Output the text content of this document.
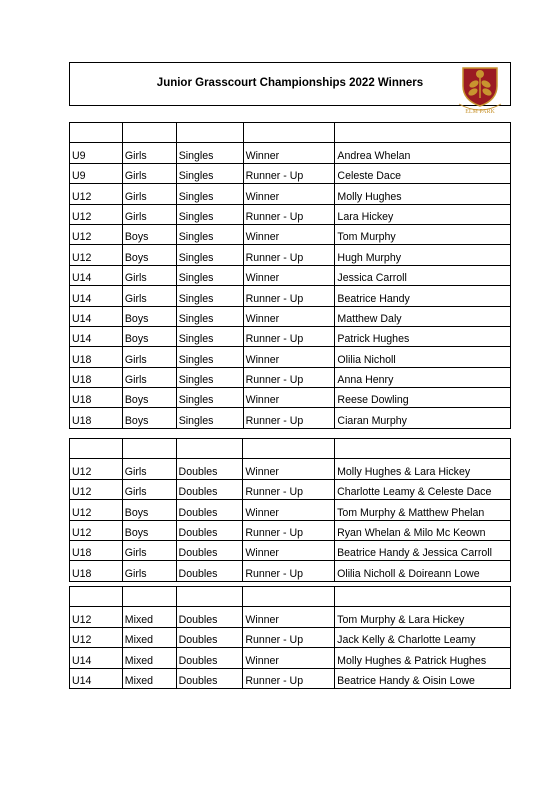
Junior Grasscourt Championships 2022 Winners
ELM PARK

U9	Girls	Singles	Winner	Andrea Whelan
U9	Girls	Singles	Runner - Up	Celeste Dace
U12	Girls	Singles	Winner	Molly Hughes
U12	Girls	Singles	Runner - Up	Lara Hickey
U12	Boys	Singles	Winner	Tom Murphy
U12	Boys	Singles	Runner - Up	Hugh Murphy
U14	Girls	Singles	Winner	Jessica Carroll
U14	Girls	Singles	Runner - Up	Beatrice Handy
U14	Boys	Singles	Winner	Matthew Daly
U14	Boys	Singles	Runner - Up	Patrick Hughes
U18	Girls	Singles	Winner	Olilia Nicholl
U18	Girls	Singles	Runner - Up	Anna Henry
U18	Boys	Singles	Winner	Reese Dowling
U18	Boys	Singles	Runner - Up	Ciaran Murphy

U12	Girls	Doubles	Winner	Molly Hughes & Lara Hickey
U12	Girls	Doubles	Runner - Up	Charlotte Leamy & Celeste Dace
U12	Boys	Doubles	Winner	Tom Murphy & Matthew Phelan
U12	Boys	Doubles	Runner - Up	Ryan Whelan & Milo Mc Keown
U18	Girls	Doubles	Winner	Beatrice Handy & Jessica Carroll
U18	Girls	Doubles	Runner - Up	Olilia Nicholl & Doireann Lowe

U12	Mixed	Doubles	Winner	Tom Murphy & Lara Hickey
U12	Mixed	Doubles	Runner - Up	Jack Kelly & Charlotte Leamy
U14	Mixed	Doubles	Winner	Molly Hughes & Patrick Hughes
U14	Mixed	Doubles	Runner - Up	Beatrice Handy & Oisin Lowe
